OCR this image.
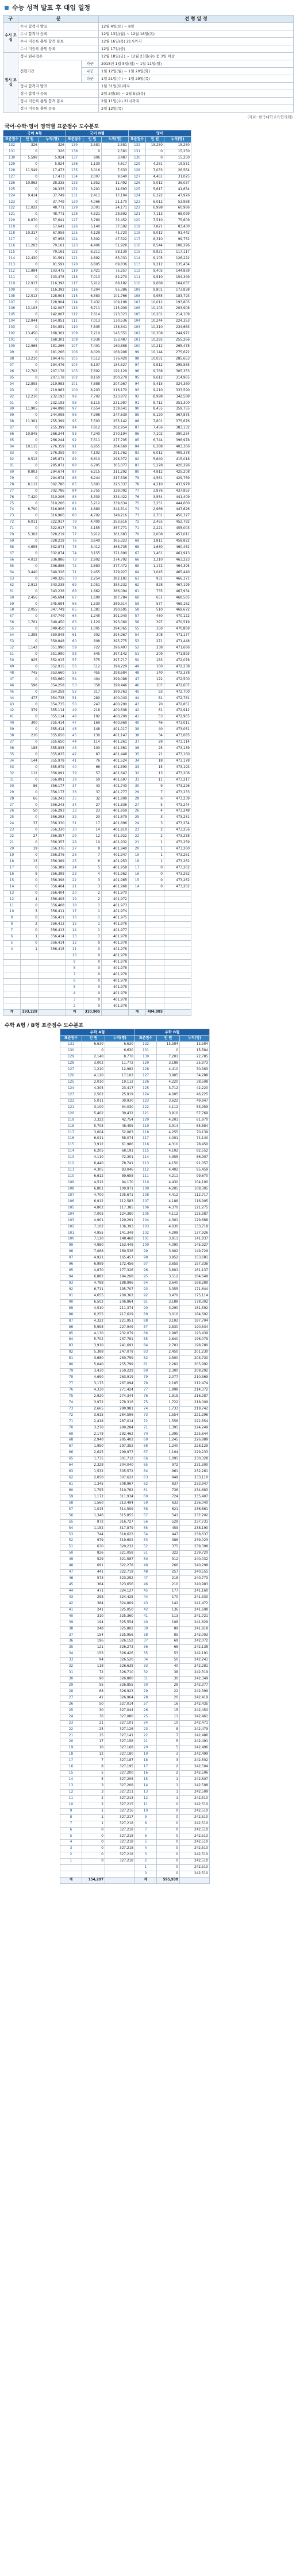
수능 성적 발표 후 대입 일정
구	분		전 형 일 정
수시 모집	수시 합격자 발표		12월 4일(토) ~ 8일
	수시 합격자 등록		12월 13일(월) ~ 12월 16일(목)
	수시 미등록 충원 합격 통보		12월 16일(목) 21시까지
	수시 미등록 충원 등록		12월 17일(금)
정시 모집	정시 원서접수		12월 18일(금) ~ 12월 23일(수) 중 3일 이상
	전형기간	가군	2015년 1월 5일(월) ~ 1월 11일(일)
		나군	1월 12일(월) ~ 1월 20일(화)
		다군	1월 21일(수) ~ 1월 29일(목)
	정시 합격자 발표		1월 31일(토)까지
	정시 합격자 등록		2월 3일(화) ~ 2월 5일(목)
	정시 미등록 충원 합격 통보		2월 11일(수) 21시까지
	정시 미등록 충원 등록		2월 12일(목)
(자료: 한국대학교육협의회)
국어·수학·영어 영역별 표준점수 도수분포
국어 A형			국어 B형			영어		
표준점수	인 원	누적(명)	표준점수	인 원	누적(명)	표준점수	인 원	누적(명)
132	326	326	139	2,581	2,581	132	15,250	15,250
131	0	326	138	0	2,581	131	0	15,250
130	5,598	5,924	137	906	3,487	130	0	15,250
129	0	5,924	136	1,130	4,617	129	4,281	19,531
128	11,549	17,473	135	3,016	7,633	128	7,033	26,564
127	0	17,473	134	2,007	9,640	127	4,461	31,025
126	10,862	28,335	133	1,852	11,492	126	5,012	36,037
125	0	28,335	132	3,201	14,693	125	5,617	41,654
124	9,414	37,749	131	2,411	17,104	124	6,322	47,976
123	0	37,749	130	4,066	21,170	123	6,012	53,988
122	11,022	48,771	129	3,001	24,171	122	6,998	60,986
121	0	48,771	128	4,521	28,692	121	7,113	68,099
120	8,870	57,641	127	3,760	32,452	120	7,510	75,609
119	0	57,641	126	5,140	37,592	119	7,821	83,430
118	10,317	67,958	125	4,128	41,720	118	8,012	91,442
117	0	67,958	124	5,802	47,522	117	8,310	99,752
116	11,203	79,161	123	4,406	51,928	116	8,544	108,296
115	0	79,161	122	6,211	58,139	115	8,821	117,117
114	12,430	91,591	121	4,892	63,031	114	9,105	126,222
113	0	91,591	120	6,805	69,836	113	9,212	135,434
112	11,884	103,475	119	5,421	75,257	112	9,405	144,839
111	0	103,475	118	7,013	82,270	111	9,510	154,349
110	12,917	116,392	117	5,912	88,182	110	9,688	164,037
109	0	116,392	116	7,204	95,386	109	9,801	173,838
108	12,512	128,904	115	6,380	101,766	108	9,955	183,793
107	0	128,904	114	7,432	109,198	107	10,012	193,805
106	13,103	142,007	113	6,711	115,909	106	10,103	203,908
105	0	142,007	112	7,614	123,523	105	10,201	214,109
104	12,844	154,851	111	7,013	130,536	104	10,244	224,353
103	0	154,851	110	7,805	138,341	103	10,310	234,663
102	13,450	168,301	109	7,210	145,551	102	10,308	244,971
101	0	168,301	108	7,936	153,487	101	10,295	255,266
100	12,965	181,266	107	7,401	160,888	100	10,212	265,478
99	0	181,266	106	8,020	168,908	99	10,144	275,622
98	13,210	194,476	105	7,512	176,420	98	10,031	285,653
97	0	194,476	104	8,107	184,527	97	9,912	295,565
96	12,702	207,178	103	7,602	192,129	96	9,788	305,353
95	0	207,178	102	8,150	200,279	95	9,612	314,965
94	12,805	219,983	101	7,688	207,967	94	9,415	324,380
93	0	219,983	100	8,203	216,170	93	9,210	333,590
92	12,210	232,193	99	7,702	223,872	92	8,998	342,588
91	0	232,193	98	8,115	231,987	91	8,712	351,300
90	11,905	244,098	97	7,654	239,641	90	8,455	359,755
89	0	244,098	96	7,998	247,639	89	8,120	367,875
88	11,301	255,399	95	7,503	255,142	88	7,801	375,676
87	0	255,399	94	7,812	262,954	87	7,456	383,132
86	10,845	266,244	93	7,240	270,194	86	7,102	390,234
85	0	266,244	92	7,511	277,705	85	6,744	396,978
84	10,115	276,359	91	6,955	284,660	84	6,388	403,366
83	0	276,359	90	7,102	291,762	83	6,012	409,378
82	9,512	285,871	89	6,610	298,372	82	5,640	415,018
81	0	285,871	88	6,705	305,077	81	5,278	420,296
80	8,803	294,674	87	6,215	311,292	80	4,912	425,208
79	0	294,674	86	6,244	317,536	79	4,561	429,769
78	8,112	302,786	85	5,801	323,337	78	4,210	433,979
77	0	302,786	84	5,755	329,092	77	3,876	437,855
76	7,420	310,206	83	5,330	334,422	76	3,554	441,409
75	0	310,206	82	5,212	339,634	75	3,251	444,660
74	6,700	316,906	81	4,880	344,514	74	2,966	447,626
73	0	316,906	80	4,702	349,216	73	2,701	450,327
72	6,011	322,917	79	4,400	353,616	72	2,455	452,782
71	0	322,917	78	4,155	357,771	71	2,221	455,003
70	5,302	328,219	77	3,912	361,683	70	2,008	457,011
69	0	328,219	76	3,640	365,323	69	1,811	458,822
68	4,655	332,874	75	3,412	368,735	68	1,630	460,452
67	0	332,874	74	3,155	371,890	67	1,461	461,913
66	4,012	336,886	73	2,902	374,792	66	1,310	463,223
65	0	336,886	72	2,680	377,472	65	1,172	464,395
64	3,440	340,326	71	2,455	379,927	64	1,045	465,440
63	0	340,326	70	2,254	382,181	63	931	466,371
62	2,912	343,238	69	2,051	384,232	62	828	467,199
61	0	343,238	68	1,862	386,094	61	735	467,934
60	2,456	345,694	67	1,690	387,784	60	651	468,585
59	0	345,694	66	1,530	389,314	59	577	469,162
58	2,055	347,749	65	1,381	390,695	58	510	469,672
57	0	347,749	64	1,245	391,940	57	450	470,122
56	1,701	349,450	63	1,120	393,060	56	397	470,519
55	0	349,450	62	1,005	394,065	55	350	470,869
54	1,398	350,848	61	902	394,967	54	308	471,177
53	0	350,848	60	808	395,775	53	271	471,448
52	1,142	351,990	59	722	396,497	52	238	471,686
51	0	351,990	58	645	397,142	51	209	471,895
50	925	352,915	57	575	397,717	50	183	472,078
49	0	352,915	56	512	398,229	49	160	472,238
48	745	353,660	55	455	398,684	48	140	472,378
47	0	353,660	54	404	399,088	47	122	472,500
46	598	354,258	53	358	399,446	46	107	472,607
45	0	354,258	52	317	399,763	45	93	472,700
44	477	354,735	51	280	400,043	44	81	472,781
43	0	354,735	50	247	400,290	43	70	472,851
42	379	355,114	49	218	400,508	42	61	472,912
41	0	355,114	48	192	400,700	41	53	472,965
40	300	355,414	47	169	400,869	40	46	473,011
39	0	355,414	46	148	401,017	39	40	473,051
38	236	355,650	45	130	401,147	38	34	473,085
37	0	355,650	44	114	401,261	37	29	473,114
36	185	355,835	43	100	401,361	36	25	473,139
35	0	355,835	42	87	401,448	35	21	473,160
34	144	355,979	41	76	401,524	34	18	473,178
33	0	355,979	40	66	401,590	33	15	473,193
32	112	356,091	39	57	401,647	32	13	473,206
31	0	356,091	38	50	401,697	31	11	473,217
30	86	356,177	37	43	401,740	30	9	473,226
29	0	356,177	36	37	401,777	29	7	473,233
28	66	356,243	35	32	401,809	28	6	473,239
27	0	356,243	34	27	401,836	27	5	473,244
26	50	356,293	33	23	401,859	26	4	473,248
25	0	356,293	32	20	401,879	25	3	473,251
24	37	356,330	31	17	401,896	24	3	473,254
23	0	356,330	30	14	401,910	23	2	473,256
22	27	356,357	29	12	401,922	22	2	473,258
21	0	356,357	28	10	401,932	21	1	473,259
20	19	356,376	27	8	401,940	20	1	473,260
19	0	356,376	26	7	401,947	19	1	473,261
18	13	356,389	25	6	401,953	18	1	473,262
17	0	356,389	24	5	401,958	17	0	473,262
16	9	356,398	23	4	401,962	16	0	473,262
15	0	356,398	22	3	401,965	15	0	473,262
14	6	356,404	21	3	401,968	14	0	473,262
13	0	356,404	20	2	401,970			
12	4	356,408	19	2	401,972			
11	0	356,408	18	1	401,973			
10	3	356,411	17	1	401,974			
9	0	356,411	16	1	401,975			
8	2	356,413	15	1	401,976			
7	0	356,413	14	1	401,977			
6	1	356,414	13	1	401,978			
5	0	356,414	12	0	401,978			
4	1	356,415	11	0	401,978			
			10	0	401,978			
			9	0	401,978			
			8	0	401,978			
			7	0	401,978			
			6	0	401,978			
			5	0	401,978			
			4	0	401,978			
			3	0	401,978			
			2	0	401,978			
계	293,229		계	310,905		계	404,085	
수학 A형 / B형 표준점수 도수분포
수학 A형			수학 B형		
표준점수	인 원	누적(명)	표준점수	인 원	누적(명)
131	6,630	6,630	132	15,584	15,584
130	0	6,630	131	0	15,584
129	2,140	8,770	130	7,201	22,785
128	3,002	11,772	129	3,188	25,973
127	1,210	12,982	128	4,410	30,383
126	4,120	17,102	127	3,905	34,288
125	2,010	19,112	126	4,220	38,508
124	4,305	23,417	125	3,712	42,220
123	2,502	25,919	124	4,005	46,225
122	5,011	30,930	123	3,622	49,847
121	3,100	34,030	122	4,112	53,959
120	5,402	39,432	121	3,810	57,769
119	3,322	42,754	120	4,201	61,970
118	5,705	48,459	119	3,914	65,884
117	3,604	52,063	118	4,255	70,139
116	6,011	58,074	117	4,001	74,140
115	3,912	61,986	116	4,310	78,450
114	6,205	68,191	115	4,102	82,552
113	4,110	72,301	114	4,355	86,907
112	6,440	78,741	113	4,150	91,057
111	4,305	83,046	112	4,402	95,459
110	6,612	89,658	111	4,211	99,670
109	4,512	94,170	110	4,430	104,100
108	6,801	100,971	109	4,205	108,305
107	4,700	105,671	108	4,412	112,717
106	6,912	112,583	107	4,188	116,905
105	4,802	117,385	106	4,370	121,275
104	7,005	124,390	105	4,112	125,387
103	4,901	129,291	104	4,301	129,688
102	7,102	136,393	103	4,030	133,718
101	4,955	141,348	102	4,208	137,926
100	7,120	148,468	101	3,911	141,837
99	4,980	153,448	100	4,090	145,927
98	7,088	160,536	99	3,802	149,729
97	4,921	165,457	98	3,952	153,681
96	6,999	172,456	97	3,655	157,336
95	4,870	177,326	96	3,801	161,137
94	6,882	184,208	95	3,512	164,649
93	4,788	188,996	94	3,640	168,289
92	6,711	195,707	93	3,355	171,644
91	4,655	200,362	92	3,470	175,114
90	6,502	206,864	91	3,188	178,302
89	4,510	211,374	90	3,290	181,592
88	6,255	217,629	89	3,010	184,602
87	4,322	221,951	88	3,102	187,704
86	5,998	227,949	87	2,830	190,534
85	4,130	232,079	86	2,905	193,439
84	5,702	237,781	85	2,640	196,079
83	3,910	241,691	84	2,701	198,780
82	5,388	247,079	83	2,450	201,230
81	3,680	250,759	82	2,500	203,730
80	5,040	255,799	81	2,262	205,992
79	3,430	259,229	80	2,300	208,292
78	4,690	263,919	79	2,077	210,369
77	3,175	267,094	78	2,105	212,474
76	4,330	271,424	77	1,898	214,372
75	2,920	274,344	76	1,915	216,287
74	3,972	278,316	75	1,722	218,009
73	2,665	280,981	74	1,733	219,742
72	3,615	284,596	73	1,554	221,296
71	2,418	287,014	72	1,558	222,854
70	3,270	290,284	71	1,395	224,249
69	2,178	292,462	70	1,395	225,644
68	2,940	295,402	69	1,245	226,889
67	1,950	297,352	68	1,240	228,129
66	2,625	299,977	67	1,104	229,233
65	1,735	301,712	66	1,095	230,328
64	2,328	304,040	65	972	231,300
63	1,532	305,572	64	961	232,261
62	2,050	307,622	63	849	233,110
61	1,345	308,967	62	837	233,947
60	1,795	310,762	61	736	234,683
59	1,172	311,934	60	724	235,407
58	1,560	313,494	59	633	236,040
57	1,015	314,509	58	621	236,661
56	1,346	315,855	57	541	237,202
55	872	316,727	56	529	237,731
54	1,152	317,879	55	459	238,190
53	744	318,623	54	447	238,637
52	979	319,602	53	386	239,023
51	630	320,232	52	375	239,398
50	826	321,058	51	322	239,720
49	529	321,587	50	312	240,032
48	691	322,278	49	266	240,298
47	441	322,719	48	257	240,555
46	573	323,292	47	218	240,773
45	364	323,656	46	210	240,983
44	471	324,127	45	177	241,160
43	298	324,425	44	170	241,330
42	384	324,809	43	142	241,472
41	241	325,050	42	136	241,608
40	310	325,360	41	113	241,721
39	194	325,554	40	108	241,829
38	248	325,802	39	89	241,918
37	154	325,956	38	85	242,003
36	196	326,152	37	69	242,072
35	121	326,273	36	66	242,138
34	153	326,426	35	53	242,191
33	94	326,520	34	50	242,241
32	118	326,638	33	40	242,281
31	72	326,710	32	38	242,319
30	90	326,800	31	30	242,349
29	55	326,855	30	28	242,377
28	68	326,923	29	22	242,399
27	41	326,964	28	20	242,419
26	50	327,014	27	16	242,435
25	30	327,044	26	15	242,450
24	36	327,080	25	11	242,461
23	21	327,101	24	10	242,471
22	25	327,126	23	8	242,479
21	15	327,141	22	7	242,486
20	17	327,158	21	5	242,491
19	10	327,168	20	5	242,496
18	12	327,180	19	3	242,499
17	7	327,187	18	3	242,502
16	8	327,195	17	2	242,504
15	5	327,200	16	2	242,506
14	5	327,205	15	1	242,507
13	3	327,208	14	1	242,508
12	3	327,211	13	1	242,509
11	2	327,213	12	1	242,510
10	2	327,215	11	0	242,510
9	1	327,216	10	0	242,510
8	1	327,217	9	0	242,510
7	1	327,218	8	0	242,510
6	0	327,218	7	0	242,510
5	0	327,218	6	0	242,510
4	0	327,218	5	0	242,510
3	0	327,218	4	0	242,510
2	0	327,218	3	0	242,510
1	0	327,218	2	0	242,510
			1	0	242,510
			0	0	242,510
계	154,297		계	595,938	
